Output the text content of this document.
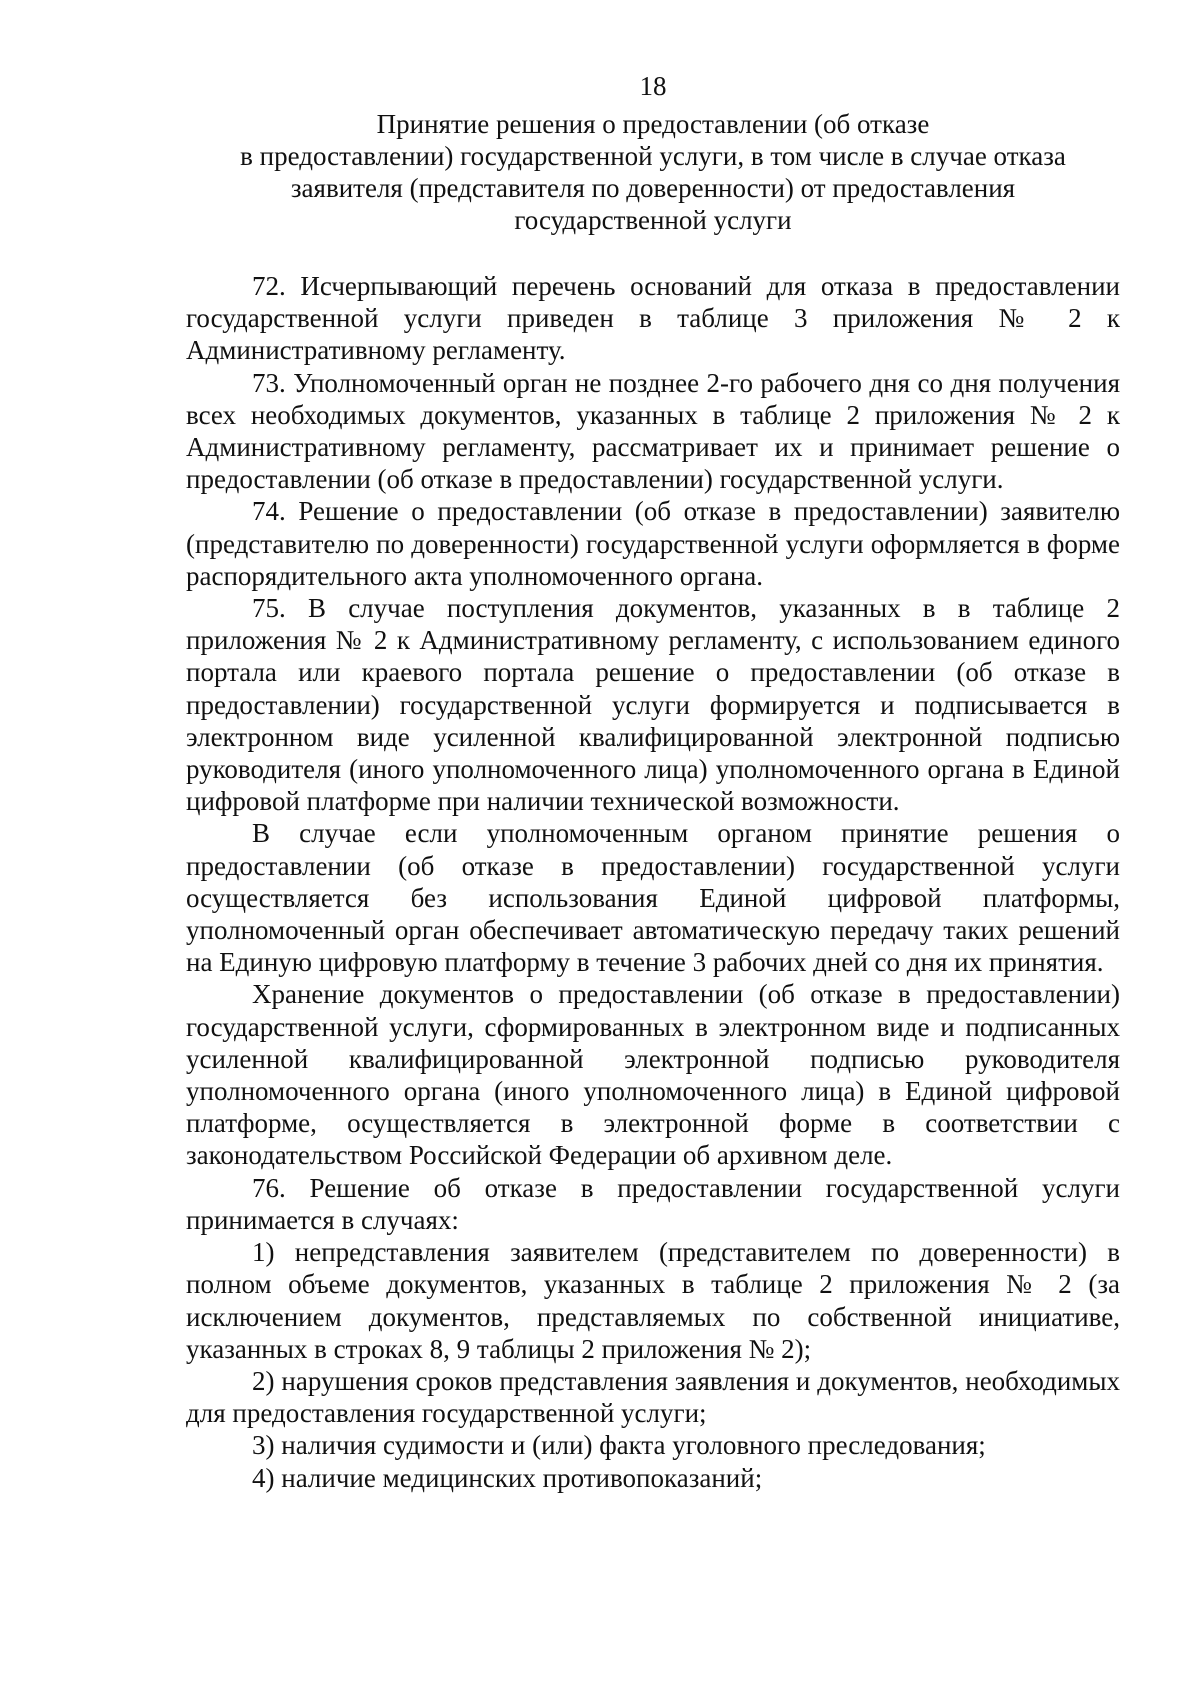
18
Принятие решения о предоставлении (об отказе
в предоставлении) государственной услуги, в том числе в случае отказа
заявителя (представителя по доверенности) от предоставления
государственной услуги

72. Исчерпывающий перечень оснований для отказа в предоставлении государственной услуги приведен в таблице 3 приложения № 2 к Административному регламенту.

73. Уполномоченный орган не позднее 2-го рабочего дня со дня получения всех необходимых документов, указанных в таблице 2 приложения № 2 к Административному регламенту, рассматривает их и принимает решение о предоставлении (об отказе в предоставлении) государственной услуги.

74. Решение о предоставлении (об отказе в предоставлении) заявителю (представителю по доверенности) государственной услуги оформляется в форме распорядительного акта уполномоченного органа.

75. В случае поступления документов, указанных в в таблице 2 приложения № 2 к Административному регламенту, с использованием единого портала или краевого портала решение о предоставлении (об отказе в предоставлении) государственной услуги формируется и подписывается в электронном виде усиленной квалифицированной электронной подписью руководителя (иного уполномоченного лица) уполномоченного органа в Единой цифровой платформе при наличии технической возможности.

В случае если уполномоченным органом принятие решения о предоставлении (об отказе в предоставлении) государственной услуги осуществляется без использования Единой цифровой платформы, уполномоченный орган обеспечивает автоматическую передачу таких решений на Единую цифровую платформу в течение 3 рабочих дней со дня их принятия.

Хранение документов о предоставлении (об отказе в предоставлении) государственной услуги, сформированных в электронном виде и подписанных усиленной квалифицированной электронной подписью руководителя уполномоченного органа (иного уполномоченного лица) в Единой цифровой платформе, осуществляется в электронной форме в соответствии с законодательством Российской Федерации об архивном деле.

76. Решение об отказе в предоставлении государственной услуги принимается в случаях:

1) непредставления заявителем (представителем по доверенности) в полном объеме документов, указанных в таблице 2 приложения № 2 (за исключением документов, представляемых по собственной инициативе, указанных в строках 8, 9 таблицы 2 приложения № 2);

2) нарушения сроков представления заявления и документов, необходимых для предоставления государственной услуги;

3) наличия судимости и (или) факта уголовного преследования;

4) наличие медицинских противопоказаний;
